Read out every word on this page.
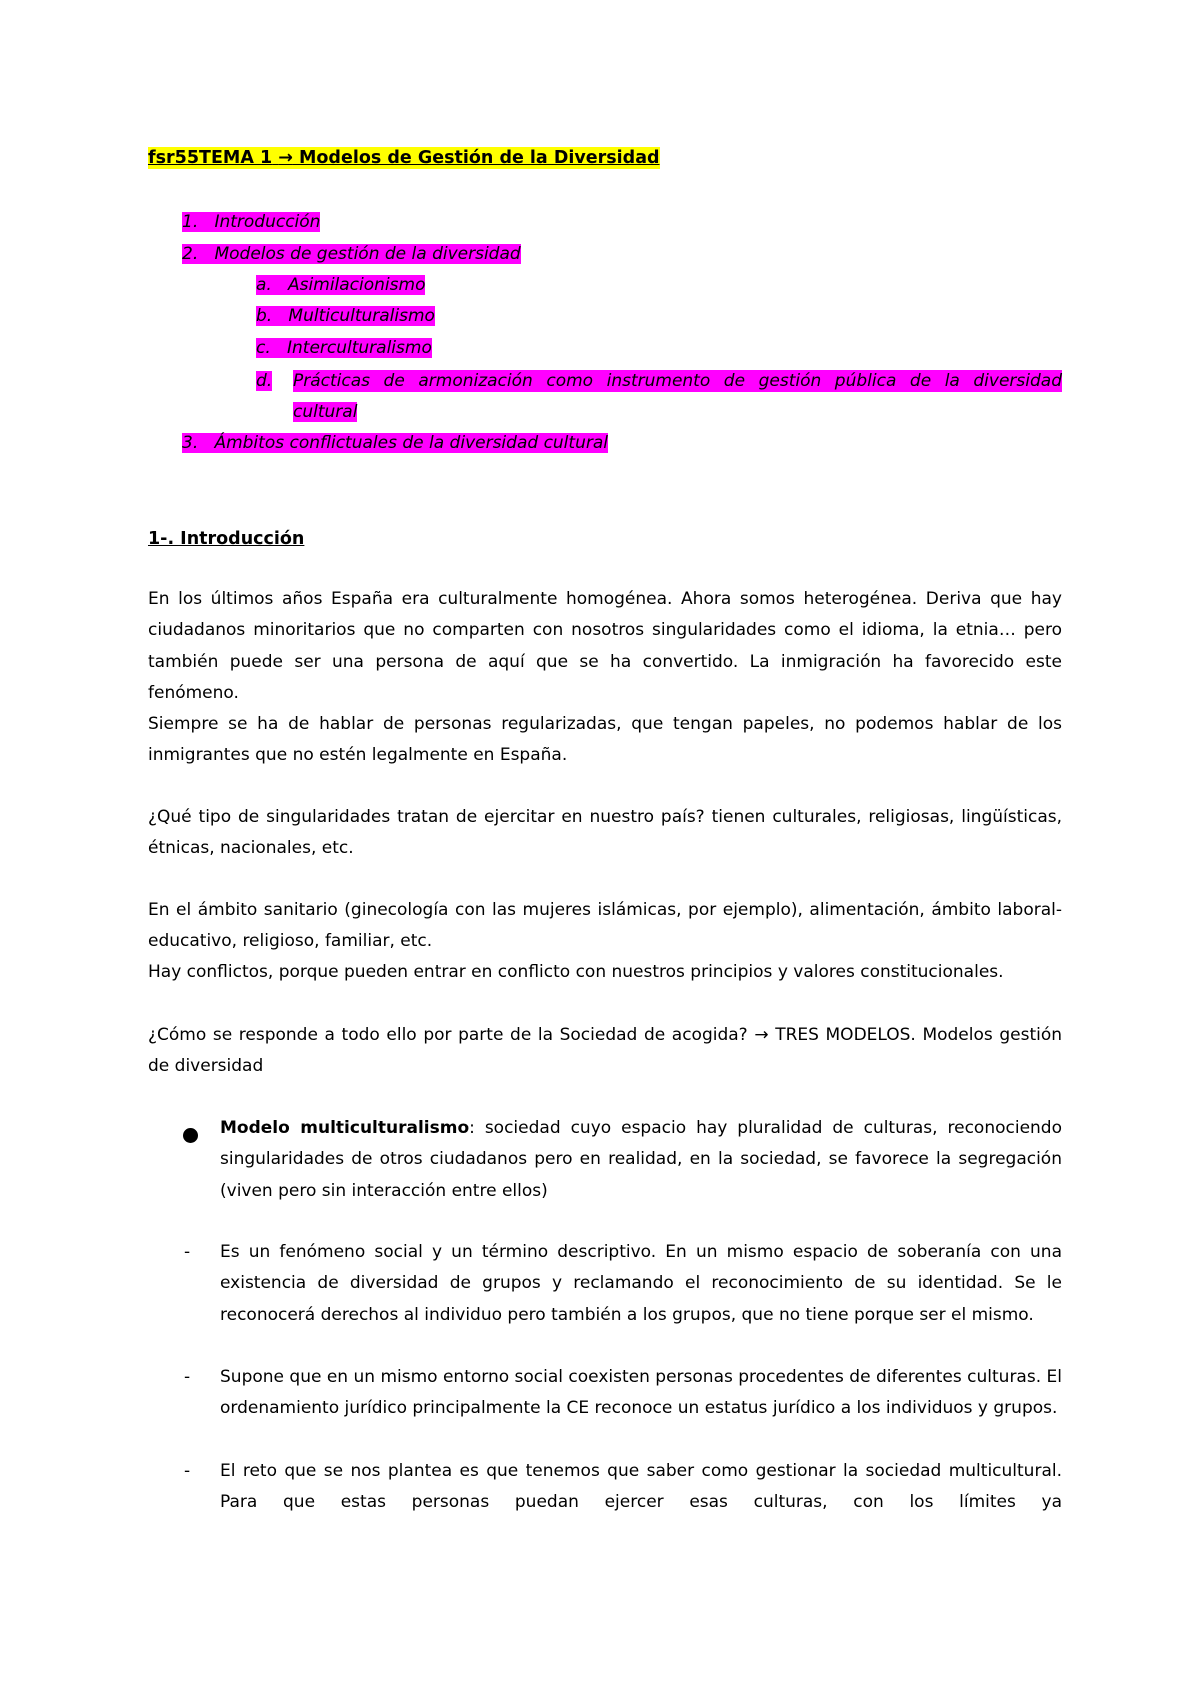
fsr55TEMA 1 → Modelos de Gestión de la Diversidad
1. Introducción
2. Modelos de gestión de la diversidad
a. Asimilacionismo
b. Multiculturalismo
c. Interculturalismo
d. Prácticas de armonización como instrumento de gestión pública de la diversidad
cultural
3. Ámbitos conflictuales de la diversidad cultural
1-. Introducción
En los últimos años España era culturalmente homogénea. Ahora somos heterogénea. Deriva que hay ciudadanos minoritarios que no comparten con nosotros singularidades como el idioma, la etnia… pero también puede ser una persona de aquí que se ha convertido. La inmigración ha favorecido este fenómeno.
Siempre se ha de hablar de personas regularizadas, que tengan papeles, no podemos hablar de los inmigrantes que no estén legalmente en España.
¿Qué tipo de singularidades tratan de ejercitar en nuestro país? tienen culturales, religiosas, lingüísticas, étnicas, nacionales, etc.
En el ámbito sanitario (ginecología con las mujeres islámicas, por ejemplo), alimentación, ámbito laboral-educativo, religioso, familiar, etc.
Hay conflictos, porque pueden entrar en conflicto con nuestros principios y valores constitucionales.
¿Cómo se responde a todo ello por parte de la Sociedad de acogida? → TRES MODELOS. Modelos gestión de diversidad
Modelo multiculturalismo: sociedad cuyo espacio hay pluralidad de culturas, reconociendo singularidades de otros ciudadanos pero en realidad, en la sociedad, se favorece la segregación (viven pero sin interacción entre ellos)
- Es un fenómeno social y un término descriptivo. En un mismo espacio de soberanía con una existencia de diversidad de grupos y reclamando el reconocimiento de su identidad. Se le reconocerá derechos al individuo pero también a los grupos, que no tiene porque ser el mismo.
- Supone que en un mismo entorno social coexisten personas procedentes de diferentes culturas. El ordenamiento jurídico principalmente la CE reconoce un estatus jurídico a los individuos y grupos.
- El reto que se nos plantea es que tenemos que saber como gestionar la sociedad multicultural. Para que estas personas puedan ejercer esas culturas, con los límites ya
